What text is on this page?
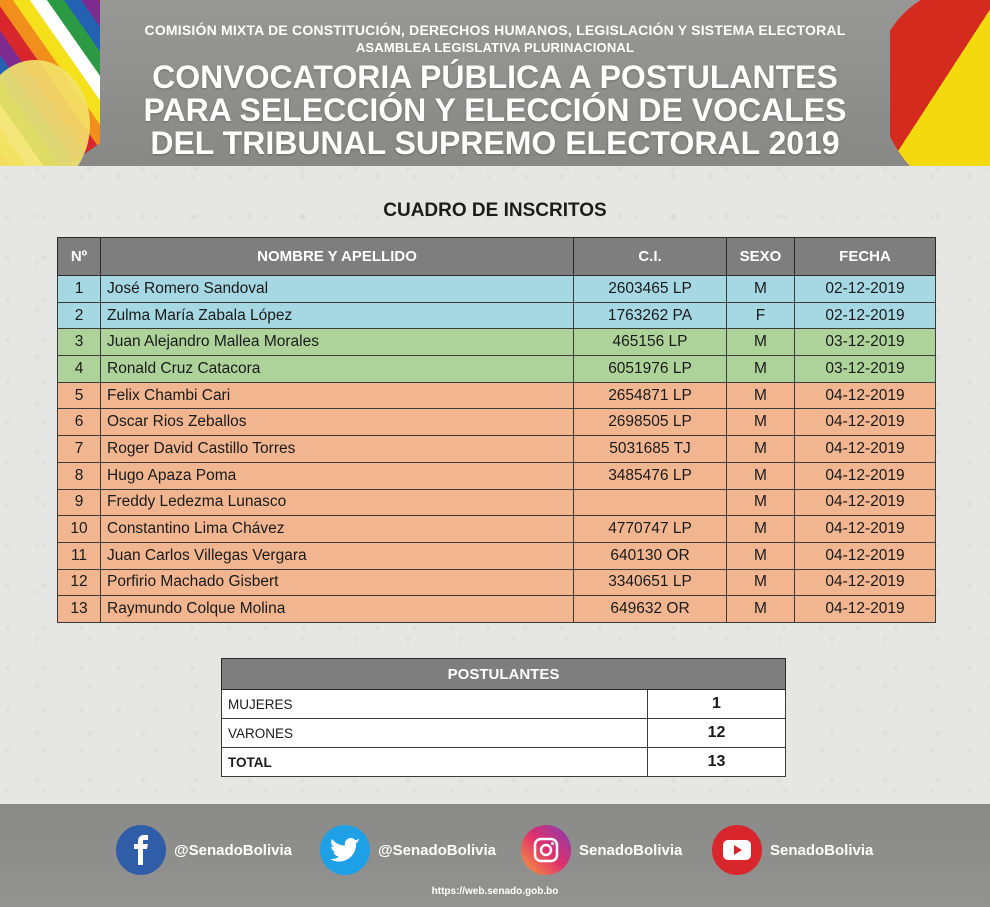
COMISIÓN MIXTA DE CONSTITUCIÓN, DERECHOS HUMANOS, LEGISLACIÓN Y SISTEMA ELECTORAL
ASAMBLEA LEGISLATIVA PLURINACIONAL
CONVOCATORIA PÚBLICA A POSTULANTES
PARA SELECCIÓN Y ELECCIÓN DE VOCALES
DEL TRIBUNAL SUPREMO ELECTORAL 2019
CUADRO DE INSCRITOS
Nº	NOMBRE Y APELLIDO	C.I.	SEXO	FECHA
1	José Romero Sandoval	2603465 LP	M	02-12-2019
2	Zulma María Zabala López	1763262 PA	F	02-12-2019
3	Juan Alejandro Mallea Morales	465156 LP	M	03-12-2019
4	Ronald Cruz Catacora	6051976 LP	M	03-12-2019
5	Felix Chambi Cari	2654871 LP	M	04-12-2019
6	Oscar Rios Zeballos	2698505 LP	M	04-12-2019
7	Roger David Castillo Torres	5031685 TJ	M	04-12-2019
8	Hugo Apaza Poma	3485476 LP	M	04-12-2019
9	Freddy Ledezma Lunasco		M	04-12-2019
10	Constantino Lima Chávez	4770747 LP	M	04-12-2019
11	Juan Carlos Villegas Vergara	640130 OR	M	04-12-2019
12	Porfirio Machado Gisbert	3340651 LP	M	04-12-2019
13	Raymundo Colque Molina	649632 OR	M	04-12-2019
POSTULANTES	
MUJERES	1
VARONES	12
TOTAL	13
@SenadoBolivia	@SenadoBolivia	SenadoBolivia	SenadoBolivia
https://web.senado.gob.bo
